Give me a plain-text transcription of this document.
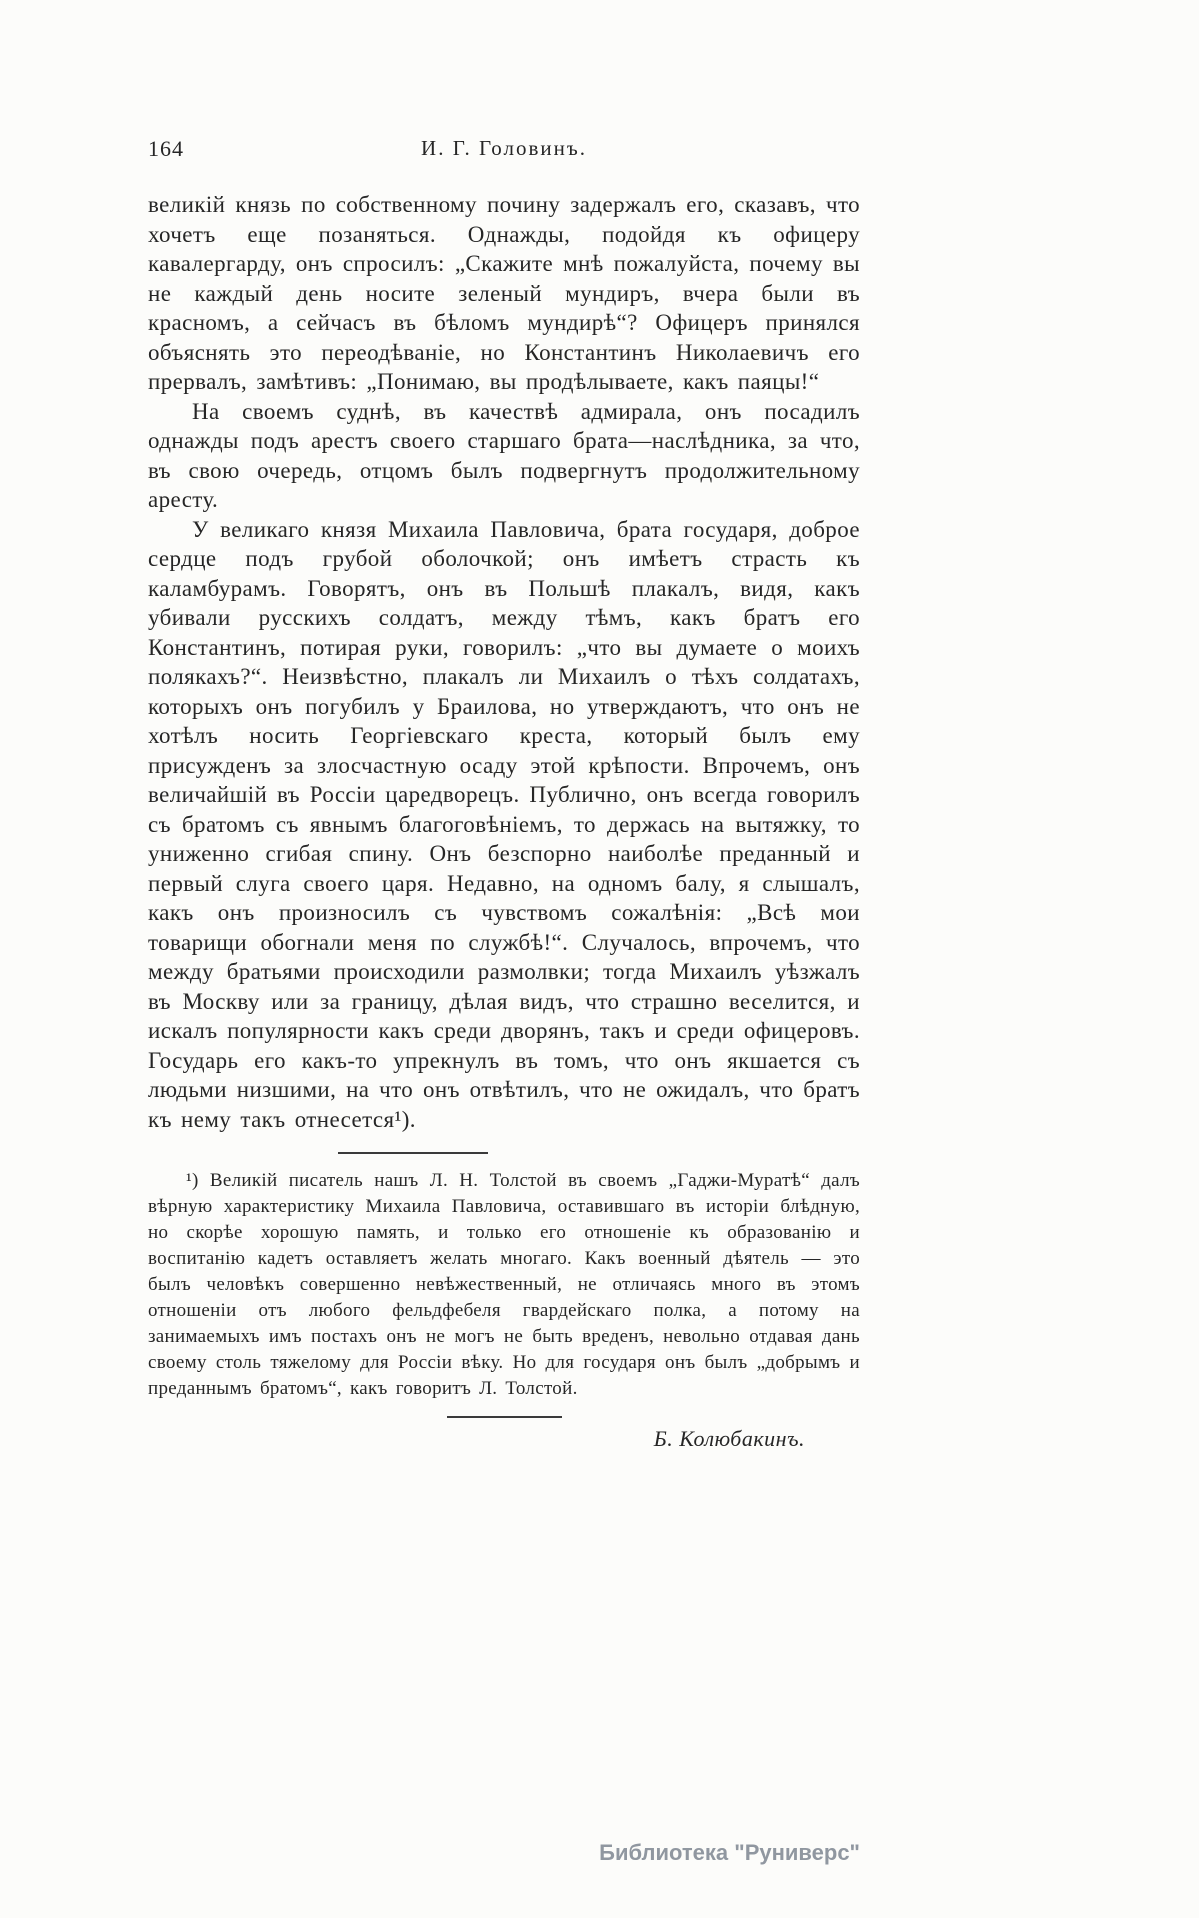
164	И. Г. Головинъ.

великій князь по собственному почину задержалъ его, сказавъ, что хочетъ еще позаняться. Однажды, подойдя къ офицеру кавалергарду, онъ спросилъ: „Скажите мнѣ пожалуйста, почему вы не каждый день носите зеленый мундиръ, вчера были въ красномъ, а сейчасъ въ бѣломъ мундирѣ“? Офицеръ принялся объяснять это переодѣваніе, но Константинъ Николаевичъ его прервалъ, замѣтивъ: „Понимаю, вы продѣлываете, какъ паяцы!“

На своемъ суднѣ, въ качествѣ адмирала, онъ посадилъ однажды подъ арестъ своего старшаго брата—наслѣдника, за что, въ свою очередь, отцомъ былъ подвергнутъ продолжительному аресту.

У великаго князя Михаила Павловича, брата государя, доброе сердце подъ грубой оболочкой; онъ имѣетъ страсть къ каламбурамъ. Говорятъ, онъ въ Польшѣ плакалъ, видя, какъ убивали русскихъ солдатъ, между тѣмъ, какъ братъ его Константинъ, потирая руки, говорилъ: „что вы думаете о моихъ полякахъ?“. Неизвѣстно, плакалъ ли Михаилъ о тѣхъ солдатахъ, которыхъ онъ погубилъ у Браилова, но утверждаютъ, что онъ не хотѣлъ носить Георгіевскаго креста, который былъ ему присужденъ за злосчастную осаду этой крѣпости. Впрочемъ, онъ величайшій въ Россіи царедворецъ. Публично, онъ всегда говорилъ съ братомъ съ явнымъ благоговѣніемъ, то держась на вытяжку, то униженно сгибая спину. Онъ безспорно наиболѣе преданный и первый слуга своего царя. Недавно, на одномъ балу, я слышалъ, какъ онъ произносилъ съ чувствомъ сожалѣнія: „Всѣ мои товарищи обогнали меня по службѣ!“. Случалось, впрочемъ, что между братьями происходили размолвки; тогда Михаилъ уѣзжалъ въ Москву или за границу, дѣлая видъ, что страшно веселится, и искалъ популярности какъ среди дворянъ, такъ и среди офицеровъ. Государь его какъ-то упрекнулъ въ томъ, что онъ якшается съ людьми низшими, на что онъ отвѣтилъ, что не ожидалъ, что братъ къ нему такъ отнесется¹).

¹) Великій писатель нашъ Л. Н. Толстой въ своемъ „Гаджи-Муратѣ“ далъ вѣрную характеристику Михаила Павловича, оставившаго въ исторіи блѣдную, но скорѣе хорошую память, и только его отношеніе къ образованію и воспитанію кадетъ оставляетъ желать многаго. Какъ военный дѣятель — это былъ человѣкъ совершенно невѣжественный, не отличаясь много въ этомъ отношеніи отъ любого фельдфебеля гвардейскаго полка, а потому на занимаемыхъ имъ постахъ онъ не могъ не быть вреденъ, невольно отдавая дань своему столь тяжелому для Россіи вѣку. Но для государя онъ былъ „добрымъ и преданнымъ братомъ“, какъ говоритъ Л. Толстой.

Б. Колюбакинъ.

Библиотека "Руниверс"
